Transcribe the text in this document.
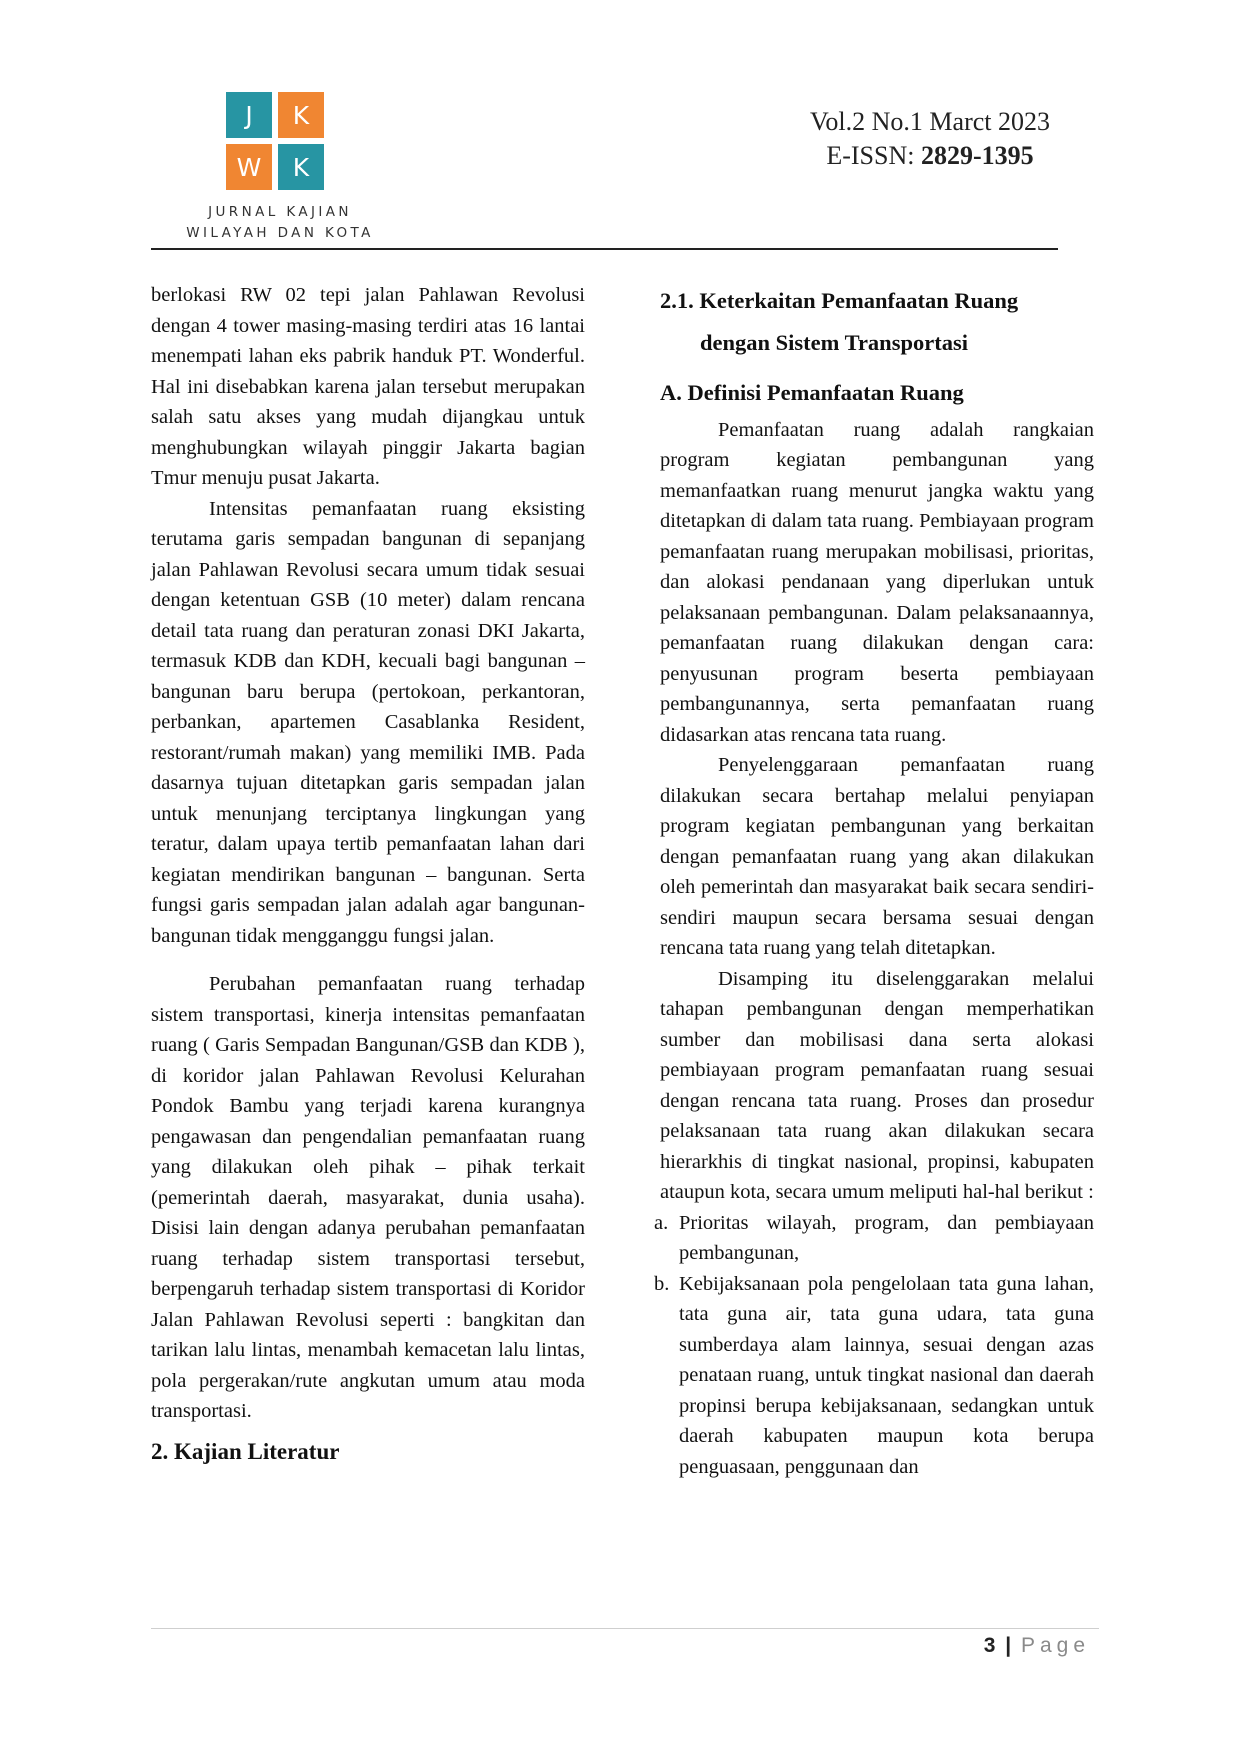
J	K
W	K
JURNAL KAJIAN
WILAYAH DAN KOTA
Vol.2 No.1 Marct 2023
E-ISSN: 2829-1395

berlokasi RW 02 tepi jalan Pahlawan Revolusi dengan 4 tower masing-masing terdiri atas 16 lantai menempati lahan eks pabrik handuk PT. Wonderful. Hal ini disebabkan karena jalan tersebut merupakan salah satu akses yang mudah dijangkau untuk menghubungkan wilayah pinggir Jakarta bagian Tmur menuju pusat Jakarta.

Intensitas pemanfaatan ruang eksisting terutama garis sempadan bangunan di sepanjang jalan Pahlawan Revolusi secara umum tidak sesuai dengan ketentuan GSB (10 meter) dalam rencana detail tata ruang dan peraturan zonasi DKI Jakarta, termasuk KDB dan KDH, kecuali bagi bangunan – bangunan baru berupa (pertokoan, perkantoran, perbankan, apartemen Casablanka Resident, restorant/rumah makan) yang memiliki IMB. Pada dasarnya tujuan ditetapkan garis sempadan jalan untuk menunjang terciptanya lingkungan yang teratur, dalam upaya tertib pemanfaatan lahan dari kegiatan mendirikan bangunan – bangunan. Serta fungsi garis sempadan jalan adalah agar bangunan-bangunan tidak mengganggu fungsi jalan.

Perubahan pemanfaatan ruang terhadap sistem transportasi, kinerja intensitas pemanfaatan ruang ( Garis Sempadan Bangunan/GSB dan KDB ), di koridor jalan Pahlawan Revolusi Kelurahan Pondok Bambu yang terjadi karena kurangnya pengawasan dan pengendalian pemanfaatan ruang yang dilakukan oleh pihak – pihak terkait (pemerintah daerah, masyarakat, dunia usaha). Disisi lain dengan adanya perubahan pemanfaatan ruang terhadap sistem transportasi tersebut, berpengaruh terhadap sistem transportasi di Koridor Jalan Pahlawan Revolusi seperti : bangkitan dan tarikan lalu lintas, menambah kemacetan lalu lintas, pola pergerakan/rute angkutan umum atau moda transportasi.

2. Kajian Literatur

2.1. Keterkaitan Pemanfaatan Ruang
dengan Sistem Transportasi

A. Definisi Pemanfaatan Ruang

Pemanfaatan ruang adalah rangkaian program kegiatan pembangunan yang memanfaatkan ruang menurut jangka waktu yang ditetapkan di dalam tata ruang. Pembiayaan program pemanfaatan ruang merupakan mobilisasi, prioritas, dan alokasi pendanaan yang diperlukan untuk pelaksanaan pembangunan. Dalam pelaksanaannya, pemanfaatan ruang dilakukan dengan cara: penyusunan program beserta pembiayaan pembangunannya, serta pemanfaatan ruang didasarkan atas rencana tata ruang.

Penyelenggaraan pemanfaatan ruang dilakukan secara bertahap melalui penyiapan program kegiatan pembangunan yang berkaitan dengan pemanfaatan ruang yang akan dilakukan oleh pemerintah dan masyarakat baik secara sendiri-sendiri maupun secara bersama sesuai dengan rencana tata ruang yang telah ditetapkan.

Disamping itu diselenggarakan melalui tahapan pembangunan dengan memperhatikan sumber dan mobilisasi dana serta alokasi pembiayaan program pemanfaatan ruang sesuai dengan rencana tata ruang. Proses dan prosedur pelaksanaan tata ruang akan dilakukan secara hierarkhis di tingkat nasional, propinsi, kabupaten ataupun kota, secara umum meliputi hal-hal berikut :

a. Prioritas wilayah, program, dan pembiayaan pembangunan,
b. Kebijaksanaan pola pengelolaan tata guna lahan, tata guna air, tata guna udara, tata guna sumberdaya alam lainnya, sesuai dengan azas penataan ruang, untuk tingkat nasional dan daerah propinsi berupa kebijaksanaan, sedangkan untuk daerah kabupaten maupun kota berupa penguasaan, penggunaan dan
3 | Page
